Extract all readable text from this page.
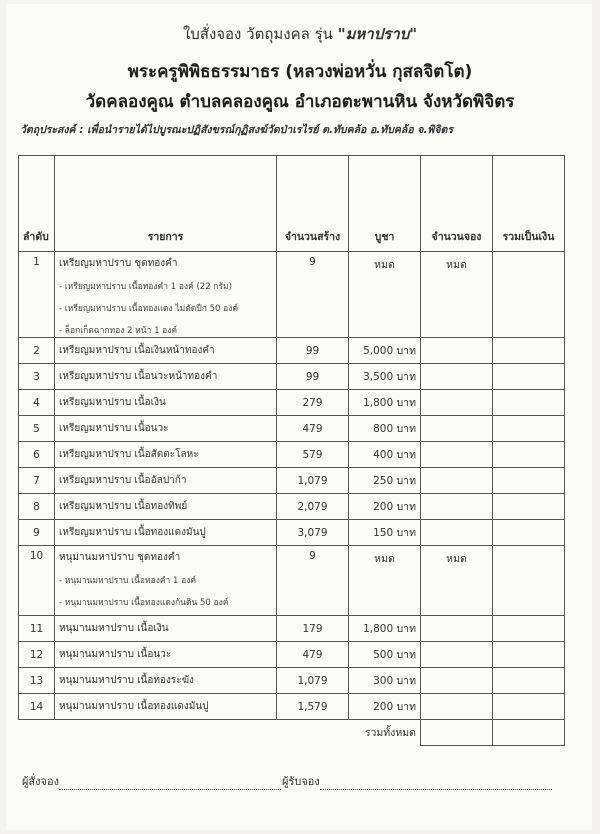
ใบสั่งจอง วัตถุมงคล รุ่น "มหาปราบ"
พระครูพิพิธธรรมาธร (หลวงพ่อหวั่น กุสลจิตโต)
วัดคลองคูณ ตำบลคลองคูณ อำเภอตะพานหิน จังหวัดพิจิตร
วัตถุประสงค์ : เพื่อนำรายได้ไปบูรณะปฏิสังขรณ์กุฏิสงฆ์วัดป่าเรไรย์ ต.ทับคล้อ อ.ทับคล้อ จ.พิจิตร
ลำดับ	รายการ	จำนวนสร้าง	บูชา	จำนวนจอง	รวมเป็นเงิน
1	เหรียญมหาปราบ ชุดทองคำ
- เหรียญมหาปราบ เนื้อทองคำ 1 องค์ (22 กรัม)
- เหรียญมหาปราบ เนื้อทองแดง ไม่ตัดปีก 50 องค์
- ล็อกเก็ตฉากทอง 2 หน้า 1 องค์	9	หมด	หมด	
2	เหรียญมหาปราบ เนื้อเงินหน้าทองคำ	99	5,000 บาท		
3	เหรียญมหาปราบ เนื้อนวะหน้าทองคำ	99	3,500 บาท		
4	เหรียญมหาปราบ เนื้อเงิน	279	1,800 บาท		
5	เหรียญมหาปราบ เนื้อนวะ	479	800 บาท		
6	เหรียญมหาปราบ เนื้อสัตตะโลหะ	579	400 บาท		
7	เหรียญมหาปราบ เนื้ออัลปาก้า	1,079	250 บาท		
8	เหรียญมหาปราบ เนื้อทองทิพย์	2,079	200 บาท		
9	เหรียญมหาปราบ เนื้อทองแดงมันปู	3,079	150 บาท		
10	หนุมานมหาปราบ ชุดทองคำ
- หนุมานมหาปราบ เนื้อทองคำ 1 องค์
- หนุมานมหาปราบ เนื้อทองแดงก้นดิน 50 องค์	9	หมด	หมด	
11	หนุมานมหาปราบ เนื้อเงิน	179	1,800 บาท		
12	หนุมานมหาปราบ เนื้อนวะ	479	500 บาท		
13	หนุมานมหาปราบ เนื้อทองระฆัง	1,079	300 บาท		
14	หนุมานมหาปราบ เนื้อทองแดงมันปู	1,579	200 บาท		
			รวมทั้งหมด		
ผู้สั่งจอง	ผู้รับจอง
